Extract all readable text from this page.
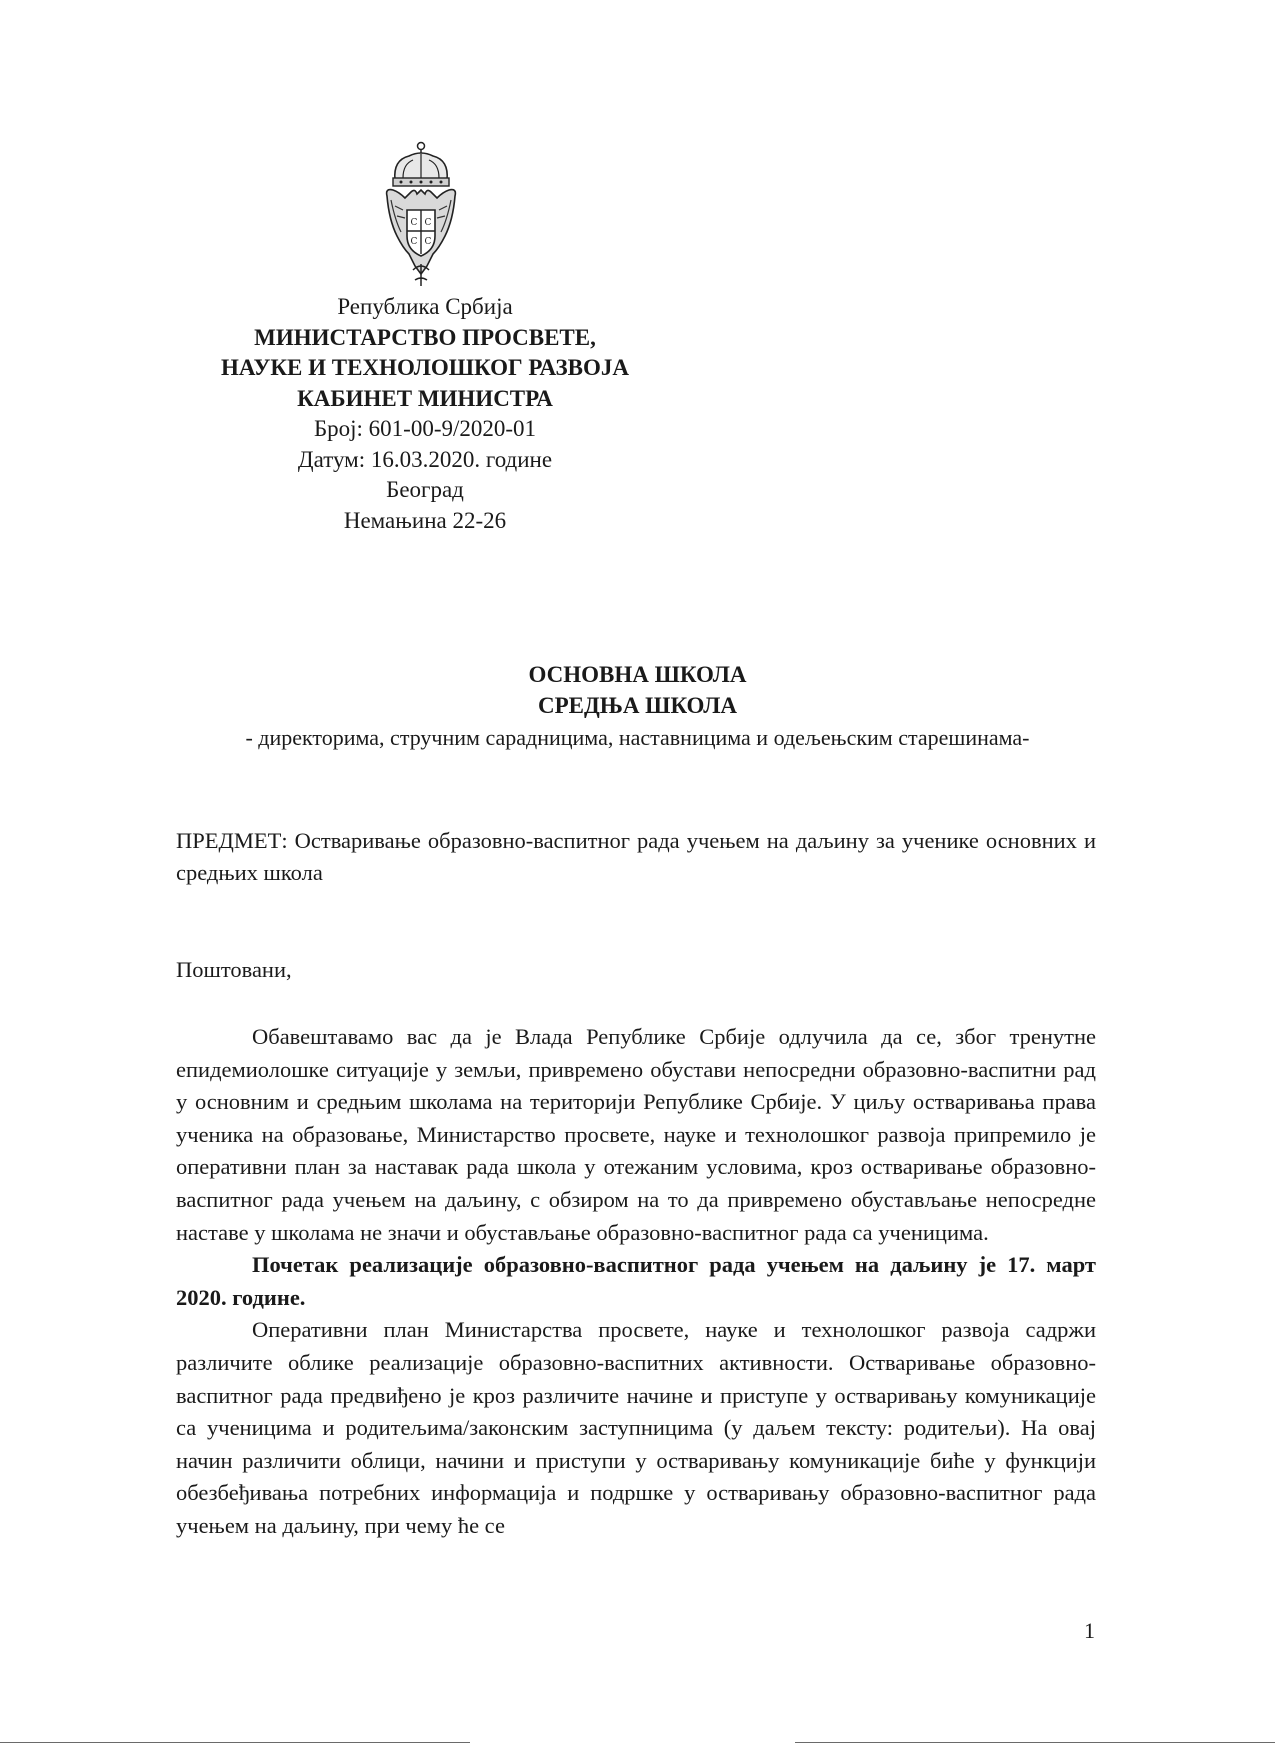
С С
С С
Република Србија
МИНИСТАРСТВО ПРОСВЕТЕ,
НАУКЕ И ТЕХНОЛОШКОГ РАЗВОЈА
КАБИНЕТ МИНИСТРА
Број: 601-00-9/2020-01
Датум: 16.03.2020. године
Београд
Немањина 22-26
ОСНОВНА ШКОЛА
СРЕДЊА ШКОЛА
- директорима, стручним сарадницима, наставницима и одељењским старешинама-
ПРЕДМЕТ: Остваривање образовно-васпитног рада учењем на даљину за ученике основних и средњих школа
Поштовани,

Обавештавамо вас да је Влада Републике Србије одлучила да се, због тренутне епидемиолошке ситуације у земљи, привремено обустави непосредни образовно-васпитни рад у основним и средњим школама на територији Републике Србије. У циљу остваривања права ученика на образовање, Министарство просвете, науке и технолошког развоја припремило је оперативни план за наставак рада школа у отежаним условима, кроз остваривање образовно-васпитног рада учењем на даљину, с обзиром на то да привремено обустављање непосредне наставе у школама не значи и обустављање образовно-васпитног рада са ученицима.

Почетак реализације образовно-васпитног рада учењем на даљину је 17. март 2020. године.

Оперативни план Министарства просвете, науке и технолошког развоја садржи различите облике реализације образовно-васпитних активности. Остваривање образовно-васпитног рада предвиђено је кроз различите начине и приступе у остваривању комуникације са ученицима и родитељима/законским заступницима (у даљем тексту: родитељи). На овај начин различити облици, начини и приступи у остваривању комуникације биће у функцији обезбеђивања потребних информација и подршке у остваривању образовно-васпитног рада учењем на даљину, при чему ће се

1
